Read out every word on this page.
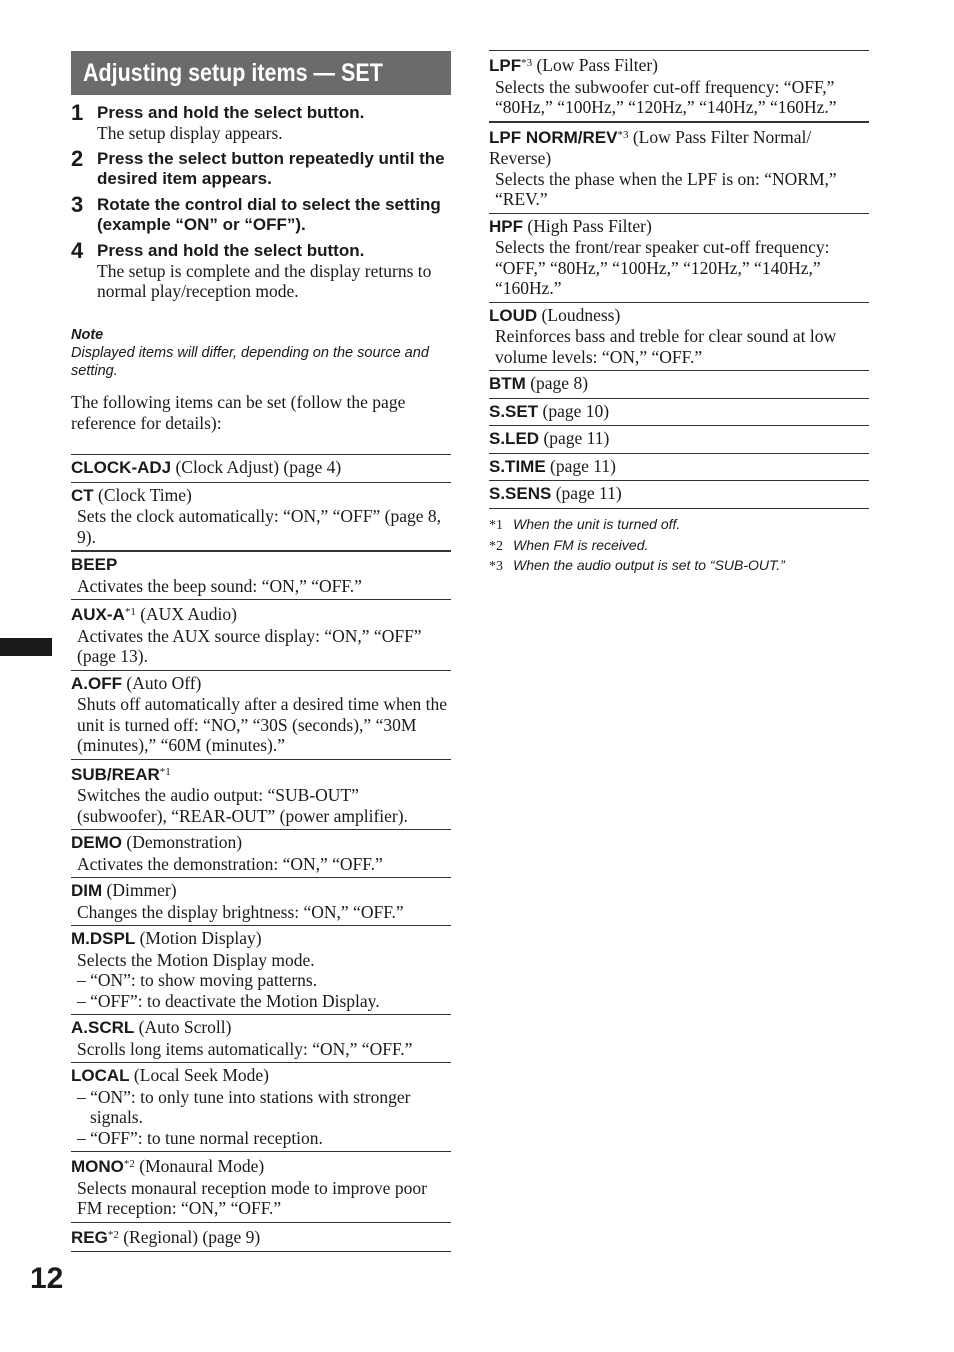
Adjusting setup items — SET
1 Press and hold the select button.
The setup display appears.
2 Press the select button repeatedly until the desired item appears.
3 Rotate the control dial to select the setting (example “ON” or “OFF”).
4 Press and hold the select button.
The setup is complete and the display returns to normal play/reception mode.
Note
Displayed items will differ, depending on the source and setting.
The following items can be set (follow the page reference for details):
CLOCK-ADJ (Clock Adjust) (page 4)
CT (Clock Time)
Sets the clock automatically: “ON,” “OFF” (page 8, 9).
BEEP
Activates the beep sound: “ON,” “OFF.”
AUX-$A^{*1}$ (AUX Audio)
Activates the AUX source display: “ON,” “OFF” (page 13).
A.OFF (Auto Off)
Shuts off automatically after a desired time when the unit is turned off: “NO,” “30S (seconds),” “30M (minutes),” “60M (minutes).”
SUB/REAR$^{*1}$
Switches the audio output: “SUB-OUT” (subwoofer), “REAR-OUT” (power amplifier).
DEMO (Demonstration)
Activates the demonstration: “ON,” “OFF.”
DIM (Dimmer)
Changes the display brightness: “ON,” “OFF.”
M.DSPL (Motion Display)
Selects the Motion Display mode.
– “ON”: to show moving patterns.
– “OFF”: to deactivate the Motion Display.
A.SCRL (Auto Scroll)
Scrolls long items automatically: “ON,” “OFF.”
LOCAL (Local Seek Mode)
– “ON”: to only tune into stations with stronger
signals.
– “OFF”: to tune normal reception.
MONO$^{*2}$ (Monaural Mode)
Selects monaural reception mode to improve poor FM reception: “ON,” “OFF.”
REG$^{*2}$ (Regional) (page 9)
LPF$^{*3}$ (Low Pass Filter)
Selects the subwoofer cut-off frequency: “OFF,” “80Hz,” “100Hz,” “120Hz,” “140Hz,” “160Hz.”
LPF NORM/REV$^{*3}$ (Low Pass Filter Normal/ Reverse)
Selects the phase when the LPF is on: “NORM,” “REV.”
HPF (High Pass Filter)
Selects the front/rear speaker cut-off frequency: “OFF,” “80Hz,” “100Hz,” “120Hz,” “140Hz,” “160Hz.”
LOUD (Loudness)
Reinforces bass and treble for clear sound at low volume levels: “ON,” “OFF.”
BTM (page 8)
S.SET (page 10)
S.LED (page 11)
S.TIME (page 11)
S.SENS (page 11)
*1 When the unit is turned off.
*2 When FM is received.
*3 When the audio output is set to “SUB-OUT.”
12
